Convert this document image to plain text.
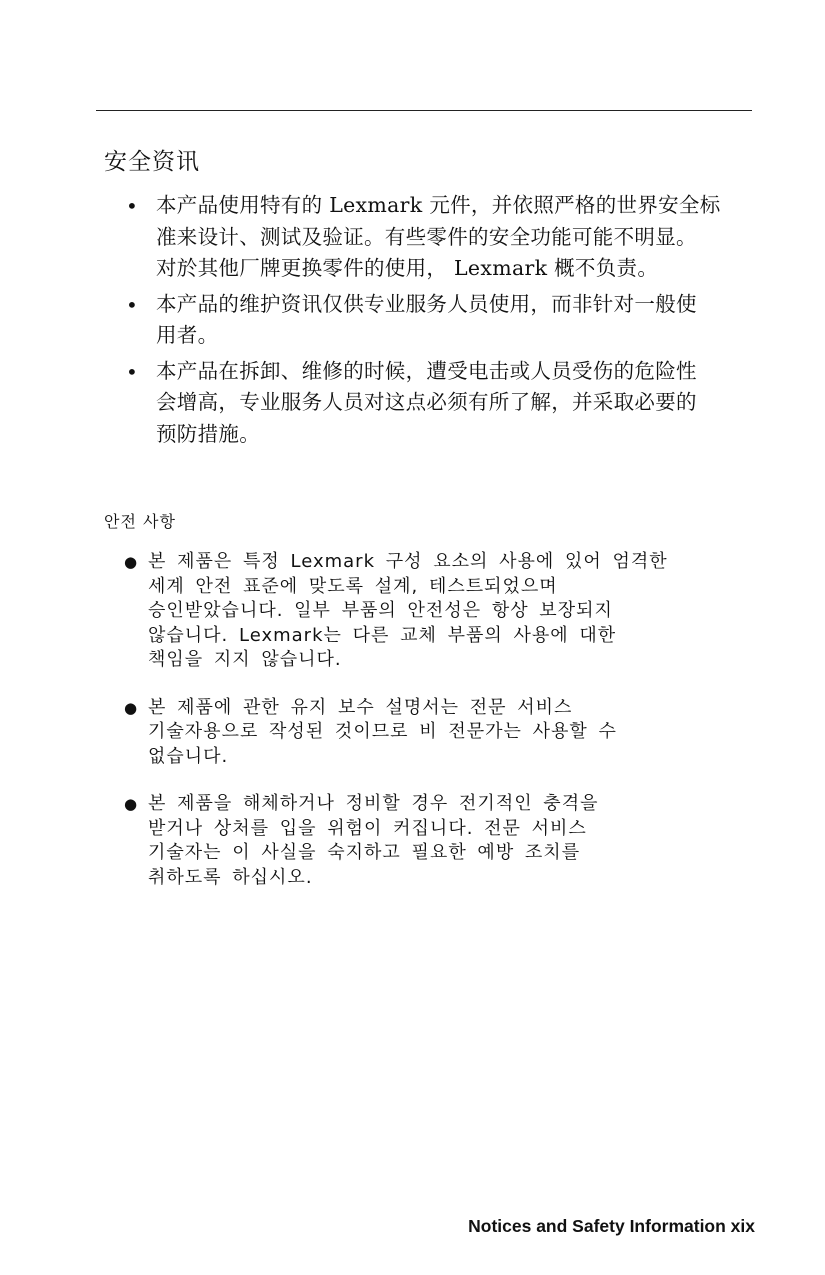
安全资讯
• 本产品使用特有的 Lexmark 元件，并依照严格的世界安全标
准来设计、测试及验证。有些零件的安全功能可能不明显。
对於其他厂牌更换零件的使用， Lexmark 概不负责。
• 本产品的维护资讯仅供专业服务人员使用，而非针对一般使
用者。
• 本产品在拆卸、维修的时候，遭受电击或人员受伤的危险性
会增高，专业服务人员对这点必须有所了解，并采取必要的
预防措施。
안전 사항
● 본 제품은 특정 Lexmark 구성 요소의 사용에 있어 엄격한
세계 안전 표준에 맞도록 설계, 테스트되었으며
승인받았습니다. 일부 부품의 안전성은 항상 보장되지
않습니다. Lexmark는 다른 교체 부품의 사용에 대한
책임을 지지 않습니다.
● 본 제품에 관한 유지 보수 설명서는 전문 서비스
기술자용으로 작성된 것이므로 비 전문가는 사용할 수
없습니다.
● 본 제품을 해체하거나 정비할 경우 전기적인 충격을
받거나 상처를 입을 위험이 커집니다. 전문 서비스
기술자는 이 사실을 숙지하고 필요한 예방 조치를
취하도록 하십시오.
Notices and Safety Information xix
